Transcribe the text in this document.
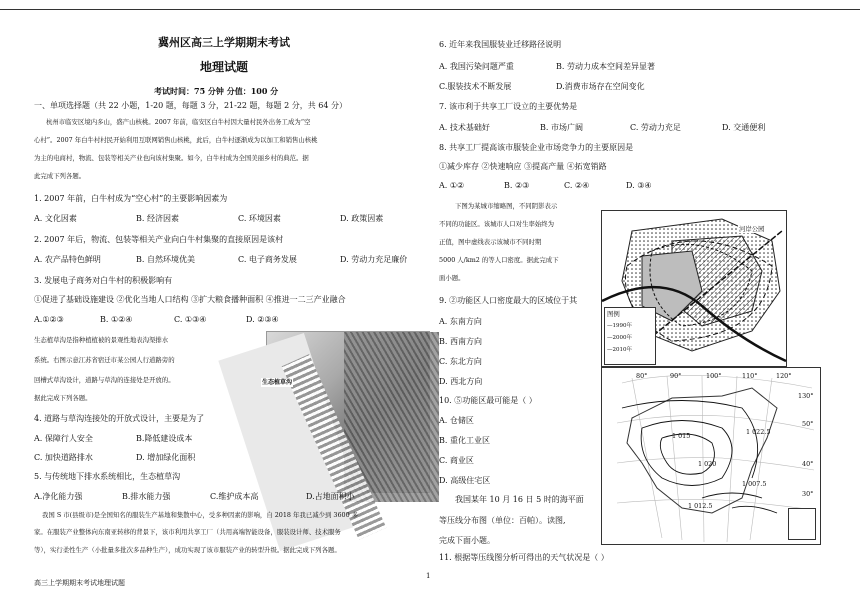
冀州区高三上学期期末考试
地理试题
考试时间：75 分钟 分值：100 分
一、单项选择题（共 22 小题，1-20 题，每题 3 分，21-22 题，每题 2 分，共 64 分）
杭州市临安区境内多山，盛产山核桃。2007 年前，临安区白牛村因大量村民外出务工成为“空
心村”。2007 年白牛村村民开始利用互联网销售山核桃，此后，白牛村逐渐成为以加工和销售山核桃
为主的电商村，物流、包装等相关产业也向该村集聚。如今，白牛村成为全国美丽乡村的典范。据
此完成下列各题。
1. 2007 年前，白牛村成为“空心村”的主要影响因素为
A. 文化因素	B. 经济因素	C. 环境因素	D. 政策因素
2. 2007 年后，物流、包装等相关产业向白牛村集聚的直接原因是该村
A. 农产品特色鲜明	B. 自然环境优美	C. 电子商务发展	D. 劳动力充足廉价
3. 发展电子商务对白牛村的积极影响有
①促进了基础设施建设 ②优化当地人口结构 ③扩大粮食播种面积 ④推进一二三产业融合
A.①②③	B. ①②④	C. ①③④	D. ②③④
生态植草沟是指种植植被的景观性地表沟渠排水
系统。右图示意江苏省宿迁市某公园人行道路旁的
回槽式草沟设计，道路与草沟的连接处是开放的。
据此完成下列各题。
生态植草沟
4. 道路与草沟连接处的开放式设计，主要是为了
A. 保障行人安全	B.降低建设成本
C. 加快道路排水	D. 增加绿化面积
5. 与传统地下排水系统相比，生态植草沟
A.净化能力强	B.排水能力强	C.维护成本高	D.占地面积小
我国 S 市(县级市)是全国知名的服装生产基地和集散中心，受多种因素的影响，自 2018 年我已减少到 3600 多
家。在服装产业整体向东南亚转移的背景下，该市利用共享工厂（共用高端智能设备，服装设计师、技术服务
等），实行柔性生产（小批量多批次多品种生产），成功实现了该市服装产业的转型升级。据此完成下列各题。
6. 近年来我国服装业迁移路径说明
A. 我国污染问题严重	B. 劳动力成本空间差异显著
C.服装技术不断发展	D.消费市场存在空间变化
7. 该市利于共享工厂设立的主要优势是
A. 技术基础好	B. 市场广阔	C. 劳动力充足	D. 交通便利
8. 共享工厂提高该市服装企业市场竞争力的主要原因是
①减少库存 ②快速响应 ③提高产量 ④拓宽销路
A. ①②	B. ②③	C. ②④	D. ③④
下图为某城市缩略图，不同阴影表示
不同的功能区。该城市人口对生率始终为
正值，图中虚线表示该城市不同时期
5000 人/km2 的等人口密度。据此完成下
面小题。
河岸公园
图例
—1990年
—2000年
—2010年
9. ②功能区人口密度最大的区域位于其
A. 东南方向
B. 西南方向
C. 东北方向
D. 西北方向
10. ⑤功能区最可能是（ ）
A. 仓储区
B. 重化工业区
C. 商业区
D. 高级住宅区
我国某年 10 月 16 日 5 时的海平面
等压线分布图（单位：百帕）。读图,
完成下面小题。
11. 根据等压线图分析可得出的天气状况是（ ）
80°	90°	100°	110°	120°
130°
50°
40°
30°
1 015
1 020
1 012.5
1 007.5
1 022.5
高三上学期期末考试地理试题
1
